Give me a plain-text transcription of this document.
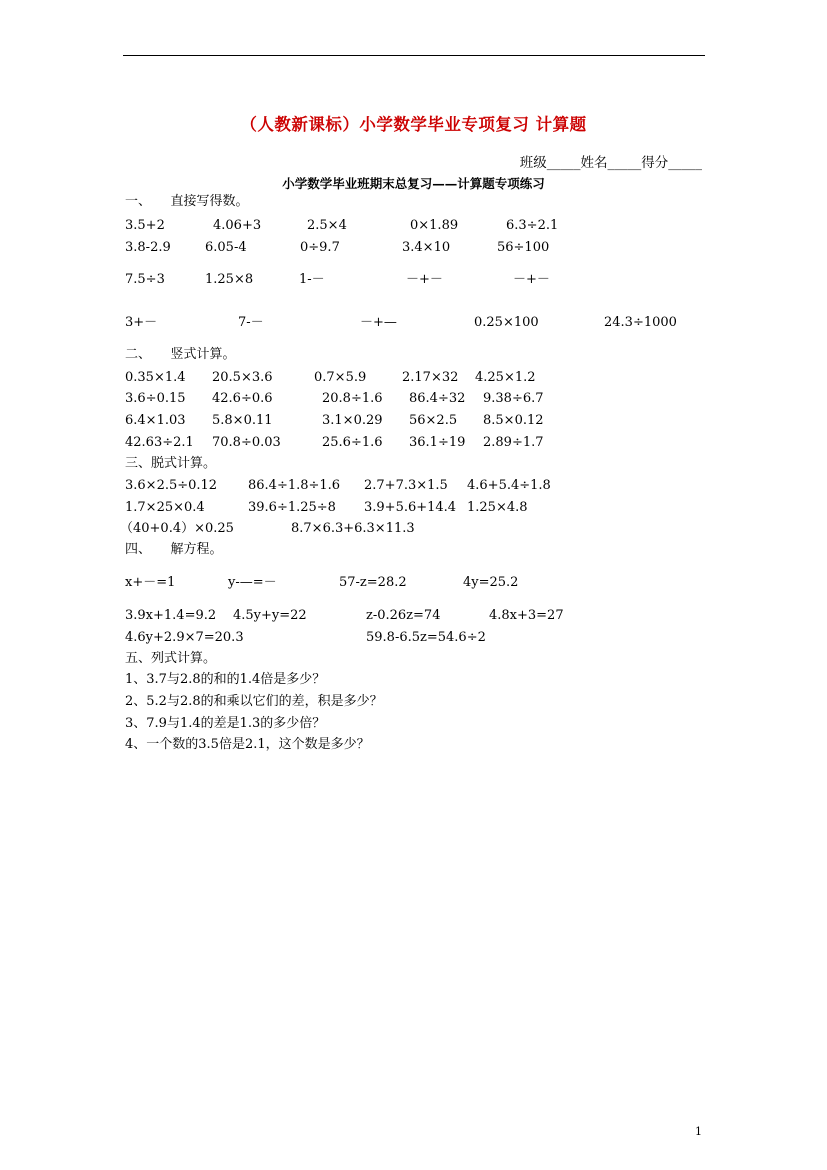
（人教新课标）小学数学毕业专项复习 计算题
班级_____姓名_____得分_____
小学数学毕业班期末总复习——计算题专项练习
一、　　直接写得数。
3.5+2	4.06+3	2.5×4	0×1.89	6.3÷2.1
3.8-2.9	6.05-4	0÷9.7	3.4×10	56÷100
7.5÷3	1.25×8	1-－	－+－	－+－
3+－	7-－	－+—	0.25×100	24.3÷1000
二、　　竖式计算。
0.35×1.4 20.5×3.6	0.7×5.9	2.17×32 4.25×1.2
3.6÷0.15 42.6÷0.6	20.8÷1.6 86.4÷32 9.38÷6.7
6.4×1.03 5.8×0.11	3.1×0.29 56×2.5 8.5×0.12
42.63÷2.1 70.8÷0.03	25.6÷1.6 36.1÷19 2.89÷1.7
三、脱式计算。
3.6×2.5÷0.12 86.4÷1.8÷1.6 2.7+7.3×1.5 4.6+5.4÷1.8
1.7×25×0.4	39.6÷1.25÷8 3.9+5.6+14.4 1.25×4.8
（40+0.4）×0.25	8.7×6.3+6.3×11.3
四、　　解方程。
x+－=1	y-—=－	57-z=28.2	4y=25.2
3.9x+1.4=9.2 4.5y+y=22	z-0.26z=74	4.8x+3=27
4.6y+2.9×7=20.3	59.8-6.5z=54.6÷2
五、列式计算。
1、3.7与2.8的和的1.4倍是多少？
2、5.2与2.8的和乘以它们的差，积是多少？
3、7.9与1.4的差是1.3的多少倍？
4、一个数的3.5倍是2.1，这个数是多少？
1
